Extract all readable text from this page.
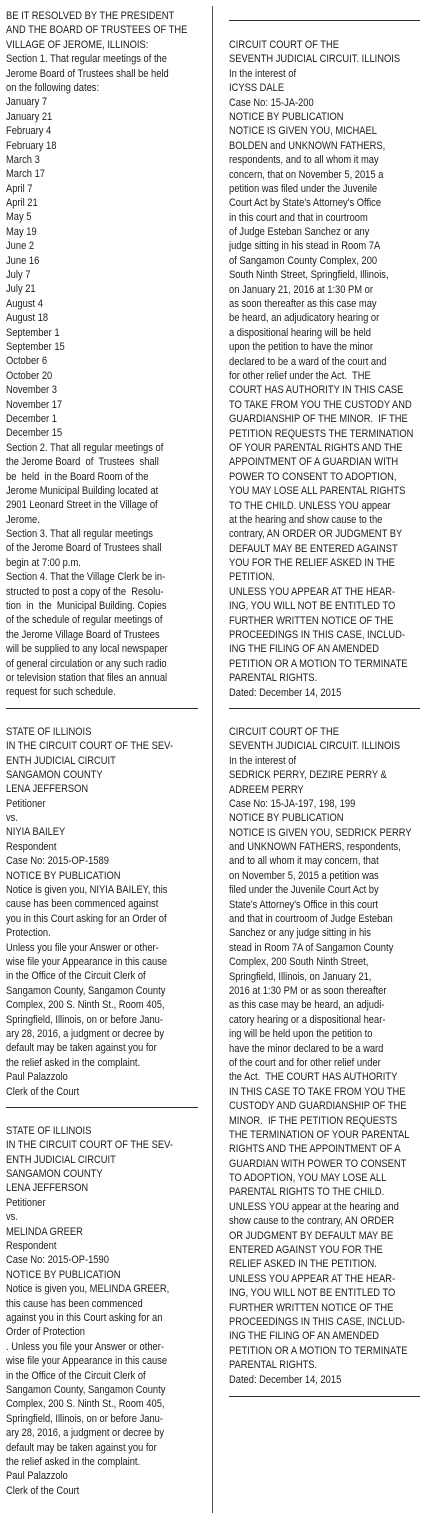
BE IT RESOLVED BY THE PRESIDENT
AND THE BOARD OF TRUSTEES OF THE
VILLAGE OF JEROME, ILLINOIS:
Section 1. That regular meetings of the
Jerome Board of Trustees shall be held
on the following dates:
January 7
January 21
February 4
February 18
March 3
March 17
April 7
April 21
May 5
May 19
June 2
June 16
July 7
July 21
August 4
August 18
September 1
September 15
October 6
October 20
November 3
November 17
December 1
December 15
Section 2. That all regular meetings of
the Jerome Board  of  Trustees  shall
be  held  in the Board Room of the
Jerome Municipal Building located at
2901 Leonard Street in the Village of
Jerome.
Section 3. That all regular meetings
of the Jerome Board of Trustees shall
begin at 7:00 p.m.
Section 4. That the Village Clerk be in-
structed to post a copy of the  Resolu-
tion  in  the  Municipal Building. Copies
of the schedule of regular meetings of
the Jerome Village Board of Trustees
will be supplied to any local newspaper
of general circulation or any such radio
or television station that files an annual
request for such schedule.
STATE OF ILLINOIS
IN THE CIRCUIT COURT OF THE SEV-
ENTH JUDICIAL CIRCUIT
SANGAMON COUNTY
LENA JEFFERSON
Petitioner
vs.
NIYIA BAILEY
Respondent
Case No: 2015-OP-1589
NOTICE BY PUBLICATION
Notice is given you, NIYIA BAILEY, this
cause has been commenced against
you in this Court asking for an Order of
Protection.
Unless you file your Answer or other-
wise file your Appearance in this cause
in the Office of the Circuit Clerk of
Sangamon County, Sangamon County
Complex, 200 S. Ninth St., Room 405,
Springfield, Illinois, on or before Janu-
ary 28, 2016, a judgment or decree by
default may be taken against you for
the relief asked in the complaint.
Paul Palazzolo
Clerk of the Court
STATE OF ILLINOIS
IN THE CIRCUIT COURT OF THE SEV-
ENTH JUDICIAL CIRCUIT
SANGAMON COUNTY
LENA JEFFERSON
Petitioner
vs.
MELINDA GREER
Respondent
Case No: 2015-OP-1590
NOTICE BY PUBLICATION
Notice is given you, MELINDA GREER,
this cause has been commenced
against you in this Court asking for an
Order of Protection
. Unless you file your Answer or other-
wise file your Appearance in this cause
in the Office of the Circuit Clerk of
Sangamon County, Sangamon County
Complex, 200 S. Ninth St., Room 405,
Springfield, Illinois, on or before Janu-
ary 28, 2016, a judgment or decree by
default may be taken against you for
the relief asked in the complaint.
Paul Palazzolo
Clerk of the Court
CIRCUIT COURT OF THE
SEVENTH JUDICIAL CIRCUIT. ILLINOIS
In the interest of
ICYSS DALE
Case No: 15-JA-200
NOTICE BY PUBLICATION
NOTICE IS GIVEN YOU, MICHAEL
BOLDEN and UNKNOWN FATHERS,
respondents, and to all whom it may
concern, that on November 5, 2015 a
petition was filed under the Juvenile
Court Act by State's Attorney's Office
in this court and that in courtroom
of Judge Esteban Sanchez or any
judge sitting in his stead in Room 7A
of Sangamon County Complex, 200
South Ninth Street, Springfield, Illinois,
on January 21, 2016 at 1:30 PM or
as soon thereafter as this case may
be heard, an adjudicatory hearing or
a dispositional hearing will be held
upon the petition to have the minor
declared to be a ward of the court and
for other relief under the Act.  THE
COURT HAS AUTHORITY IN THIS CASE
TO TAKE FROM YOU THE CUSTODY AND
GUARDIANSHIP OF THE MINOR.  IF THE
PETITION REQUESTS THE TERMINATION
OF YOUR PARENTAL RIGHTS AND THE
APPOINTMENT OF A GUARDIAN WITH
POWER TO CONSENT TO ADOPTION,
YOU MAY LOSE ALL PARENTAL RIGHTS
TO THE CHILD. UNLESS YOU appear
at the hearing and show cause to the
contrary, AN ORDER OR JUDGMENT BY
DEFAULT MAY BE ENTERED AGAINST
YOU FOR THE RELIEF ASKED IN THE
PETITION.
UNLESS YOU APPEAR AT THE HEAR-
ING, YOU WILL NOT BE ENTITLED TO
FURTHER WRITTEN NOTICE OF THE
PROCEEDINGS IN THIS CASE, INCLUD-
ING THE FILING OF AN AMENDED
PETITION OR A MOTION TO TERMINATE
PARENTAL RIGHTS.
Dated: December 14, 2015
CIRCUIT COURT OF THE
SEVENTH JUDICIAL CIRCUIT. ILLINOIS
In the interest of
SEDRICK PERRY, DEZIRE PERRY &
ADREEM PERRY
Case No: 15-JA-197, 198, 199
NOTICE BY PUBLICATION
NOTICE IS GIVEN YOU, SEDRICK PERRY
and UNKNOWN FATHERS, respondents,
and to all whom it may concern, that
on November 5, 2015 a petition was
filed under the Juvenile Court Act by
State's Attorney's Office in this court
and that in courtroom of Judge Esteban
Sanchez or any judge sitting in his
stead in Room 7A of Sangamon County
Complex, 200 South Ninth Street,
Springfield, Illinois, on January 21,
2016 at 1:30 PM or as soon thereafter
as this case may be heard, an adjudi-
catory hearing or a dispositional hear-
ing will be held upon the petition to
have the minor declared to be a ward
of the court and for other relief under
the Act.  THE COURT HAS AUTHORITY
IN THIS CASE TO TAKE FROM YOU THE
CUSTODY AND GUARDIANSHIP OF THE
MINOR.  IF THE PETITION REQUESTS
THE TERMINATION OF YOUR PARENTAL
RIGHTS AND THE APPOINTMENT OF A
GUARDIAN WITH POWER TO CONSENT
TO ADOPTION, YOU MAY LOSE ALL
PARENTAL RIGHTS TO THE CHILD.
UNLESS YOU appear at the hearing and
show cause to the contrary, AN ORDER
OR JUDGMENT BY DEFAULT MAY BE
ENTERED AGAINST YOU FOR THE
RELIEF ASKED IN THE PETITION.
UNLESS YOU APPEAR AT THE HEAR-
ING, YOU WILL NOT BE ENTITLED TO
FURTHER WRITTEN NOTICE OF THE
PROCEEDINGS IN THIS CASE, INCLUD-
ING THE FILING OF AN AMENDED
PETITION OR A MOTION TO TERMINATE
PARENTAL RIGHTS.
Dated: December 14, 2015
